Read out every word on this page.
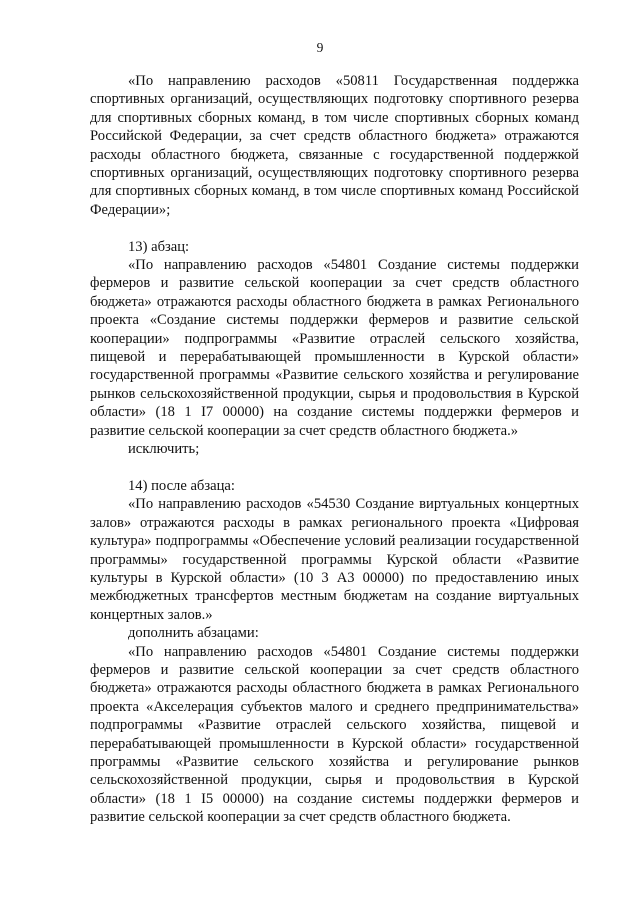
9

«По направлению расходов «50811 Государственная поддержка спортивных организаций, осуществляющих подготовку спортивного резерва для спортивных сборных команд, в том числе спортивных сборных команд Российской Федерации, за счет средств областного бюджета» отражаются расходы областного бюджета, связанные с государственной поддержкой спортивных организаций, осуществляющих подготовку спортивного резерва для спортивных сборных команд, в том числе спортивных команд Российской Федерации»;

13) абзац:

«По направлению расходов «54801 Создание системы поддержки фермеров и развитие сельской кооперации за счет средств областного бюджета» отражаются расходы областного бюджета в рамках Регионального проекта «Создание системы поддержки фермеров и развитие сельской кооперации» подпрограммы «Развитие отраслей сельского хозяйства, пищевой и перерабатывающей промышленности в Курской области» государственной программы «Развитие сельского хозяйства и регулирование рынков сельскохозяйственной продукции, сырья и продовольствия в Курской области» (18 1 I7 00000) на создание системы поддержки фермеров и развитие сельской кооперации за счет средств областного бюджета.»

исключить;

14) после абзаца:

«По направлению расходов «54530 Создание виртуальных концертных залов» отражаются расходы в рамках регионального проекта «Цифровая культура» подпрограммы «Обеспечение условий реализации государственной программы» государственной программы Курской области «Развитие культуры в Курской области» (10 3 А3 00000) по предоставлению иных межбюджетных трансфертов местным бюджетам на создание виртуальных концертных залов.»

дополнить абзацами:

«По направлению расходов «54801 Создание системы поддержки фермеров и развитие сельской кооперации за счет средств областного бюджета» отражаются расходы областного бюджета в рамках Регионального проекта «Акселерация субъектов малого и среднего предпринимательства» подпрограммы «Развитие отраслей сельского хозяйства, пищевой и перерабатывающей промышленности в Курской области» государственной программы «Развитие сельского хозяйства и регулирование рынков сельскохозяйственной продукции, сырья и продовольствия в Курской области» (18 1 I5 00000) на создание системы поддержки фермеров и развитие сельской кооперации за счет средств областного бюджета.
